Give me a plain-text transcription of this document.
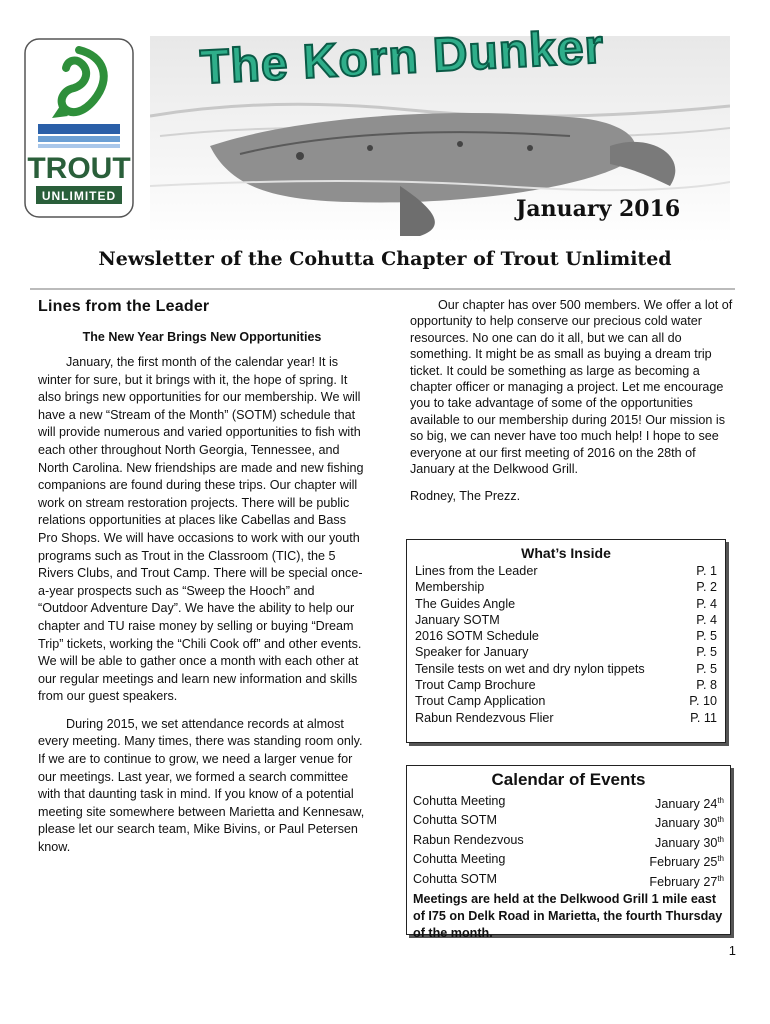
TROUT
UNLIMITED
The Korn Dunker
January 2016
Newsletter of the Cohutta Chapter of Trout Unlimited
Lines from the Leader
The New Year Brings New Opportunities

January, the first month of the calendar year! It is winter for sure, but it brings with it, the hope of spring. It also brings new opportunities for our membership. We will have a new “Stream of the Month” (SOTM) schedule that will provide numerous and varied opportunities to fish with each other throughout North Georgia, Tennessee, and North Carolina. New friendships are made and new fishing companions are found during these trips. Our chapter will work on stream restoration projects. There will be public relations opportunities at places like Cabellas and Bass Pro Shops. We will have occasions to work with our youth programs such as Trout in the Classroom (TIC), the 5 Rivers Clubs, and Trout Camp. There will be special once-a-year prospects such as “Sweep the Hooch” and “Outdoor Adventure Day”. We have the ability to help our chapter and TU raise money by selling or buying “Dream Trip” tickets, working the “Chili Cook off” and other events. We will be able to gather once a month with each other at our regular meetings and learn new information and skills from our guest speakers.

During 2015, we set attendance records at almost every meeting. Many times, there was standing room only. If we are to continue to grow, we need a larger venue for our meetings. Last year, we formed a search committee with that daunting task in mind. If you know of a potential meeting site somewhere between Marietta and Kennesaw, please let our search team, Mike Bivins, or Paul Petersen know.

Our chapter has over 500 members. We offer a lot of opportunity to help conserve our precious cold water resources. No one can do it all, but we can all do something. It might be as small as buying a dream trip ticket. It could be something as large as becoming a chapter officer or managing a project. Let me encourage you to take advantage of some of the opportunities available to our membership during 2015! Our mission is so big, we can never have too much help! I hope to see everyone at our first meeting of 2016 on the 28th of January at the Delkwood Grill.

Rodney, The Prezz.

What’s Inside
Lines from the Leader	P. 1
Membership	P. 2
The Guides Angle	P. 4
January SOTM	P. 4
2016 SOTM Schedule	P. 5
Speaker for January	P. 5
Tensile tests on wet and dry nylon tippets	P. 5
Trout Camp Brochure	P. 8
Trout Camp Application	P. 10
Rabun Rendezvous Flier	P. 11
Calendar of Events
Cohutta Meeting	January 24th
Cohutta SOTM	January 30th
Rabun Rendezvous	January 30th
Cohutta Meeting	February 25th
Cohutta SOTM	February 27th
Meetings are held at the Delkwood Grill 1 mile east of I75 on Delk Road in Marietta, the fourth Thursday of the month.
1
